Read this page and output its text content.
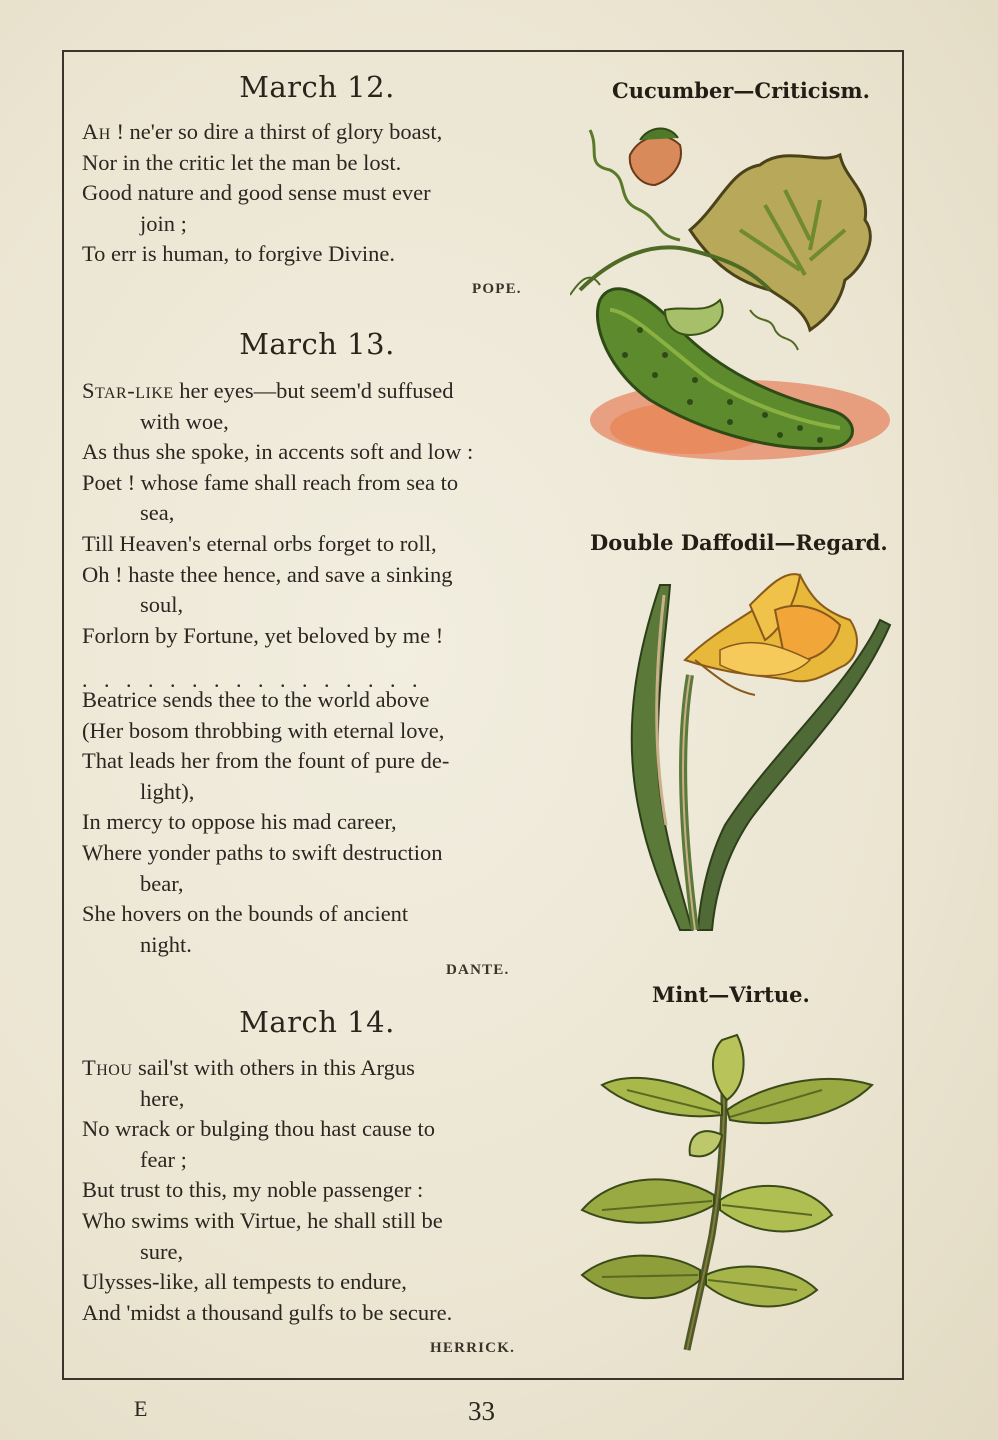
March 12.
Ah ! ne'er so dire a thirst of glory boast,
Nor in the critic let the man be lost.
Good nature and good sense must ever
join ;
To err is human, to forgive Divine.
POPE.
March 13.
Star-like her eyes—but seem'd suffused
with woe,
As thus she spoke, in accents soft and low :
Poet ! whose fame shall reach from sea to
sea,
Till Heaven's eternal orbs forget to roll,
Oh ! haste thee hence, and save a sinking
soul,
Forlorn by Fortune, yet beloved by me !
................
Beatrice sends thee to the world above
(Her bosom throbbing with eternal love,
That leads her from the fount of pure de-
light),
In mercy to oppose his mad career,
Where yonder paths to swift destruction
bear,
She hovers on the bounds of ancient
night.
DANTE.
March 14.
Thou sail'st with others in this Argus
here,
No wrack or bulging thou hast cause to
fear ;
But trust to this, my noble passenger :
Who swims with Virtue, he shall still be
sure,
Ulysses-like, all tempests to endure,
And 'midst a thousand gulfs to be secure.
HERRICK.
Cucumber—Criticism.
Double Daffodil—Regard.
Mint—Virtue.
E	33
